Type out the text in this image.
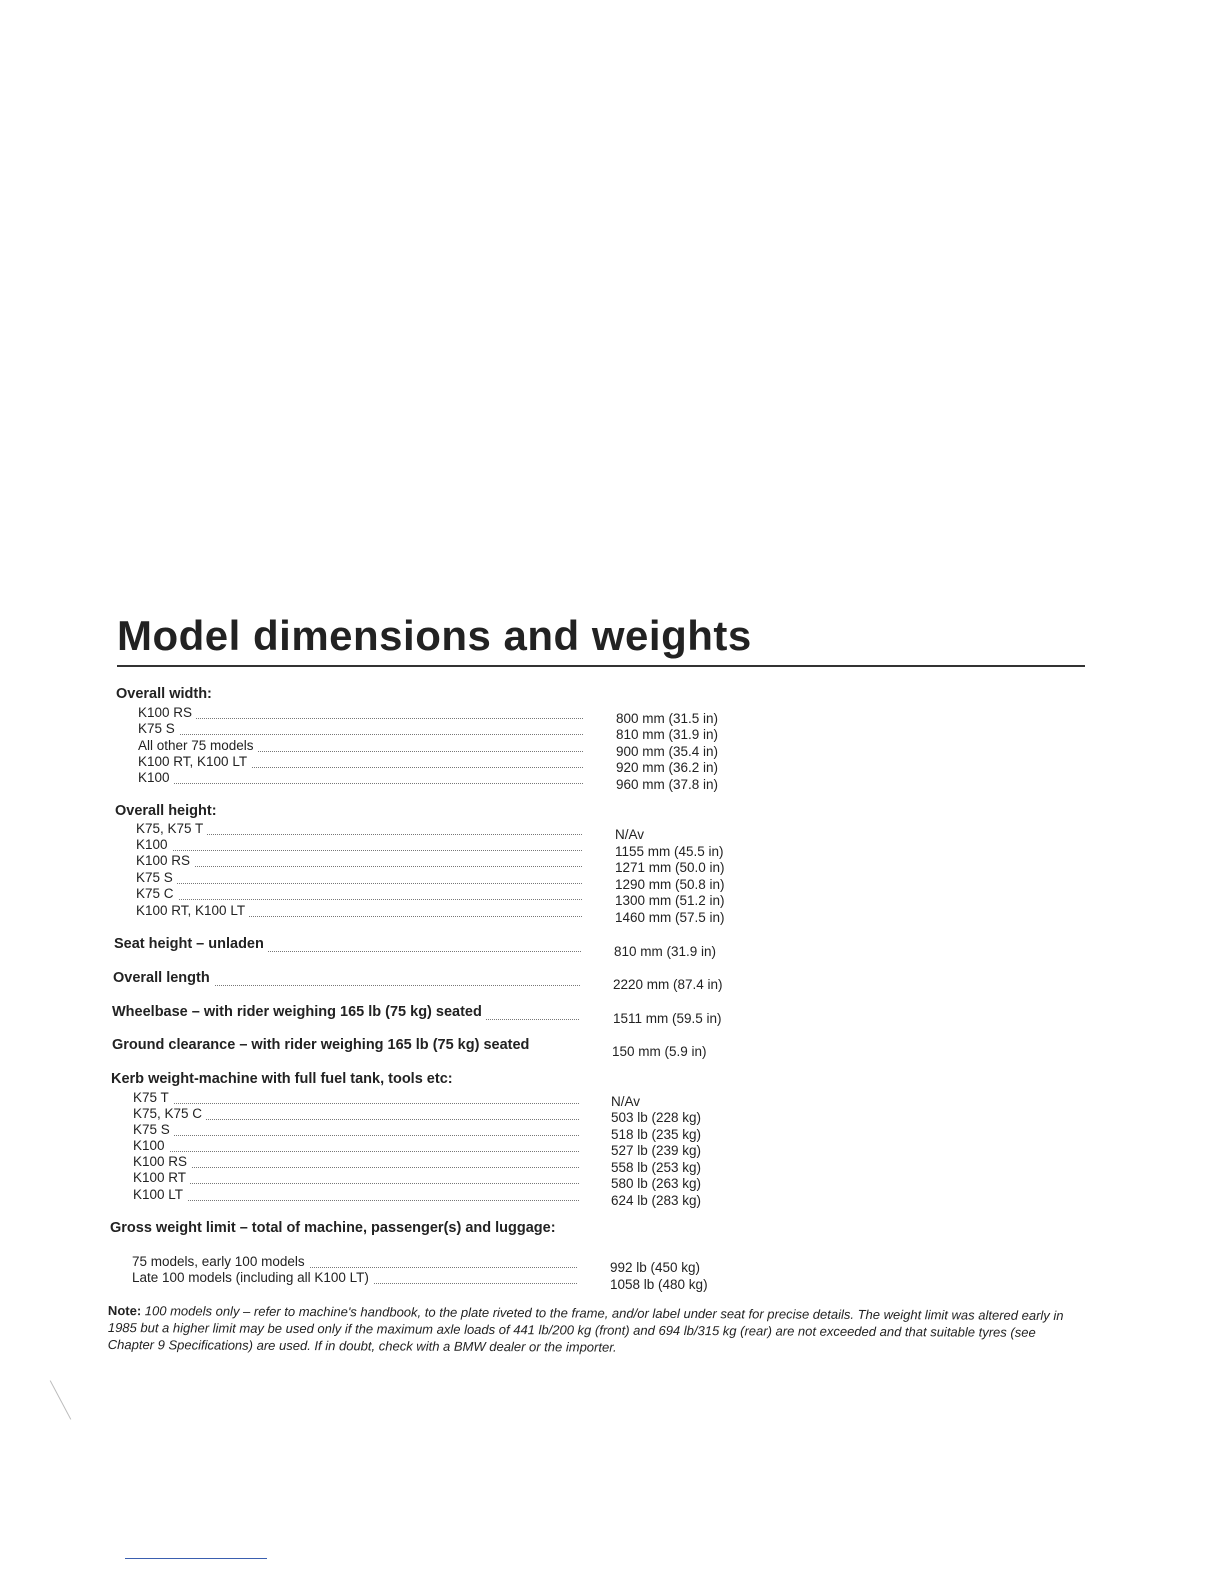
Model dimensions and weights
Overall width:
K100 RS	800 mm (31.5 in)
K75 S	810 mm (31.9 in)
All other 75 models	900 mm (35.4 in)
K100 RT, K100 LT	920 mm (36.2 in)
K100	960 mm (37.8 in)
Overall height:
K75, K75 T	N/Av
K100	1155 mm (45.5 in)
K100 RS	1271 mm (50.0 in)
K75 S	1290 mm (50.8 in)
K75 C	1300 mm (51.2 in)
K100 RT, K100 LT	1460 mm (57.5 in)
Seat height – unladen	810 mm (31.9 in)
Overall length	2220 mm (87.4 in)
Wheelbase – with rider weighing 165 lb (75 kg) seated	1511 mm (59.5 in)
Ground clearance – with rider weighing 165 lb (75 kg) seated	150 mm (5.9 in)
Kerb weight-machine with full fuel tank, tools etc:
K75 T	N/Av
K75, K75 C	503 lb (228 kg)
K75 S	518 lb (235 kg)
K100	527 lb (239 kg)
K100 RS	558 lb (253 kg)
K100 RT	580 lb (263 kg)
K100 LT	624 lb (283 kg)
Gross weight limit – total of machine, passenger(s) and luggage:
75 models, early 100 models	992 lb (450 kg)
Late 100 models (including all K100 LT)	1058 lb (480 kg)
Note: 100 models only – refer to machine's handbook, to the plate riveted to the frame, and/or label under seat for precise details. The weight limit was altered early in 1985 but a higher limit may be used only if the maximum axle loads of 441 lb/200 kg (front) and 694 lb/315 kg (rear) are not exceeded and that suitable tyres (see Chapter 9 Specifications) are used. If in doubt, check with a BMW dealer or the importer.
